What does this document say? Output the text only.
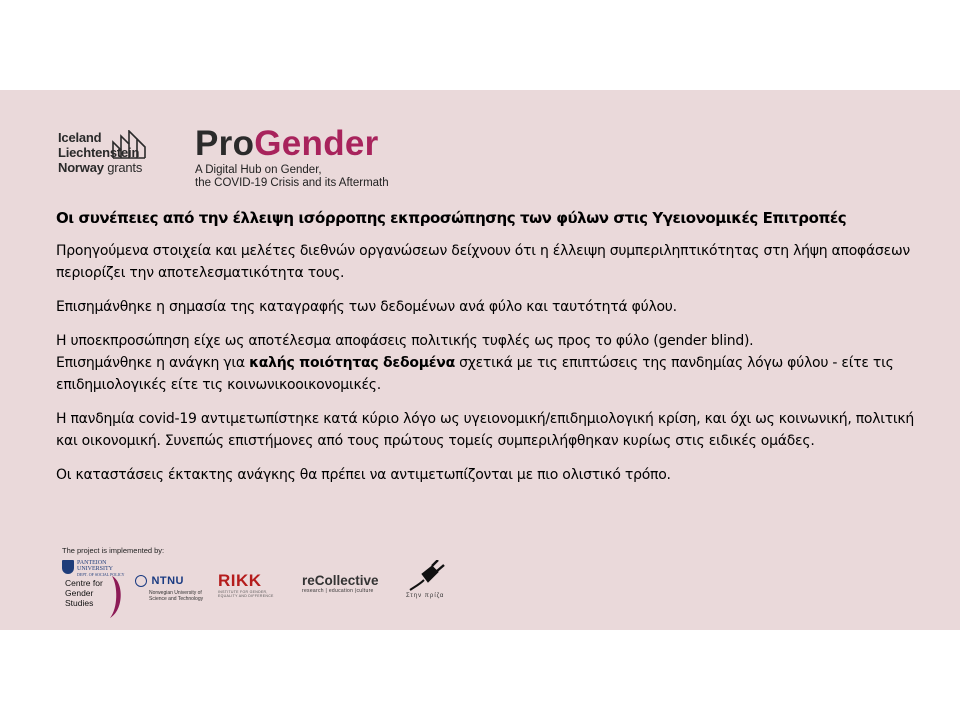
Iceland
Liechtenstein
Norway grants
ProGender
A Digital Hub on Gender,
the COVID-19 Crisis and its Aftermath
Οι συνέπειες από την έλλειψη ισόρροπης εκπροσώπησης των φύλων στις Υγειονομικές Επιτροπές

Προηγούμενα στοιχεία και μελέτες διεθνών οργανώσεων δείχνουν ότι η έλλειψη συμπεριληπτικότητας στη λήψη αποφάσεων περιορίζει την αποτελεσματικότητα τους.

Επισημάνθηκε η σημασία της καταγραφής των δεδομένων ανά φύλο και ταυτότητά φύλου.

Η υποεκπροσώπηση είχε ως αποτέλεσμα αποφάσεις πολιτικής τυφλές ως προς το φύλο (gender blind).

Επισημάνθηκε η ανάγκη για καλής ποιότητας δεδομένα σχετικά με τις επιπτώσεις της πανδημίας λόγω φύλου - είτε τις επιδημιολογικές είτε τις κοινωνικοοικονομικές.

Η πανδημία covid-19 αντιμετωπίστηκε κατά κύριο λόγο ως υγειονομική/επιδημιολογική κρίση, και όχι ως κοινωνική, πολιτική και οικονομική. Συνεπώς επιστήμονες από τους πρώτους τομείς συμπεριλήφθηκαν κυρίως στις ειδικές ομάδες.

Οι καταστάσεις έκτακτης ανάγκης θα πρέπει να αντιμετωπίζονται με πιο ολιστικό τρόπο.

The project is implemented by:
PANTEION
UNIVERSITY
DEPT. OF SOCIAL POLICY
Centre for
Gender
Studies
NTNU
Norwegian University of
Science and Technology
RIKK
INSTITUTE FOR GENDER,
EQUALITY AND DIFFERENCE
reCollective
research | education |culture
Στην πρίζα
